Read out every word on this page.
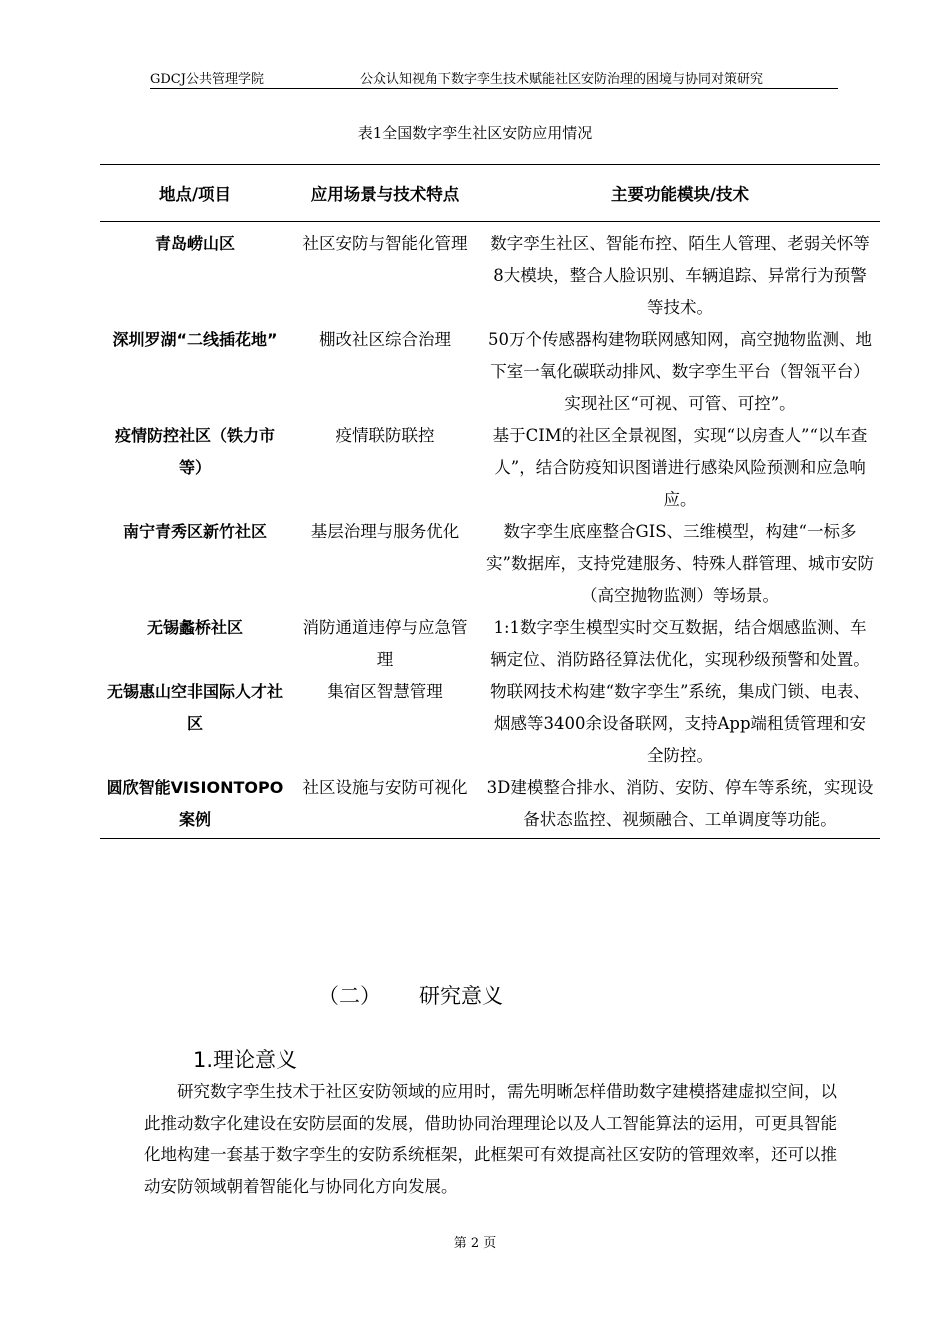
GDCJ公共管理学院	公众认知视角下数字孪生技术赋能社区安防治理的困境与协同对策研究
表1全国数字孪生社区安防应用情况
地点/项目	应用场景与技术特点	主要功能模块/技术
青岛崂山区	社区安防与智能化管理	数字孪生社区、智能布控、陌生人管理、老弱关怀等8大模块，整合人脸识别、车辆追踪、异常行为预警等技术。
深圳罗湖“二线插花地”	棚改社区综合治理	50万个传感器构建物联网感知网，高空抛物监测、地下室一氧化碳联动排风、数字孪生平台（智瓴平台）实现社区“可视、可管、可控”。
疫情防控社区（铁力市等）	疫情联防联控	基于CIM的社区全景视图，实现“以房查人”“以车查人”，结合防疫知识图谱进行感染风险预测和应急响应。
南宁青秀区新竹社区	基层治理与服务优化	数字孪生底座整合GIS、三维模型，构建“一标多实”数据库，支持党建服务、特殊人群管理、城市安防（高空抛物监测）等场景。
无锡蠡桥社区	消防通道违停与应急管理	1:1数字孪生模型实时交互数据，结合烟感监测、车辆定位、消防路径算法优化，实现秒级预警和处置。
无锡惠山空非国际人才社区	集宿区智慧管理	物联网技术构建“数字孪生”系统，集成门锁、电表、烟感等3400余设备联网，支持App端租赁管理和安全防控。
圆欣智能VISIONTOPO案例	社区设施与安防可视化	3D建模整合排水、消防、安防、停车等系统，实现设备状态监控、视频融合、工单调度等功能。
（二） 研究意义
1.理论意义
研究数字孪生技术于社区安防领域的应用时，需先明晰怎样借助数字建模搭建虚拟空间，以此推动数字化建设在安防层面的发展，借助协同治理理论以及人工智能算法的运用，可更具智能化地构建一套基于数字孪生的安防系统框架，此框架可有效提高社区安防的管理效率，还可以推动安防领域朝着智能化与协同化方向发展。
第 2 页
